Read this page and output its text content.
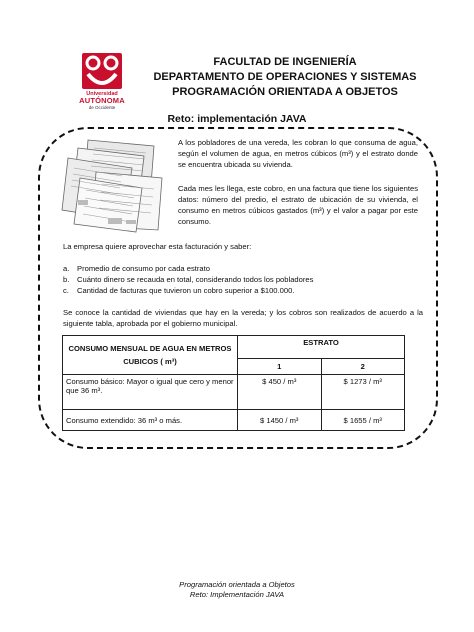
Universidad
AUTÓNOMA
de Occidente
FACULTAD DE INGENIERÍA
DEPARTAMENTO DE OPERACIONES Y SISTEMAS
PROGRAMACIÓN ORIENTADA A OBJETOS
Reto: implementación JAVA

A los pobladores de una vereda, les cobran lo que consuma de agua, según el volumen de agua, en metros cúbicos (m³) y el estrato donde se encuentra ubicada su vivienda.

Cada mes les llega, este cobro, en una factura que tiene los siguientes datos: número del predio, el estrato de ubicación de su vivienda, el consumo en metros cúbicos gastados (m³) y el valor a pagar por este consumo.

La empresa quiere aprovechar esta facturación y saber:

a.	Promedio de consumo por cada estrato
b.	Cuánto dinero se recauda en total, considerando todos los pobladores
c.	Cantidad de facturas que tuvieron un cobro superior a $100.000.

Se conoce la cantidad de viviendas que hay en la vereda; y los cobros son realizados de acuerdo a la siguiente tabla, aprobada por el gobierno municipal.

CONSUMO MENSUAL DE AGUA EN METROS CUBICOS ( m³)	ESTRATO	
	1	2
Consumo básico: Mayor o igual que cero y menor que 36 m³.	$ 450 / m³	$ 1273 / m³
Consumo extendido: 36 m³ o más.	$ 1450 / m³	$ 1655 / m³
Programación orientada a Objetos
Reto: Implementación JAVA
